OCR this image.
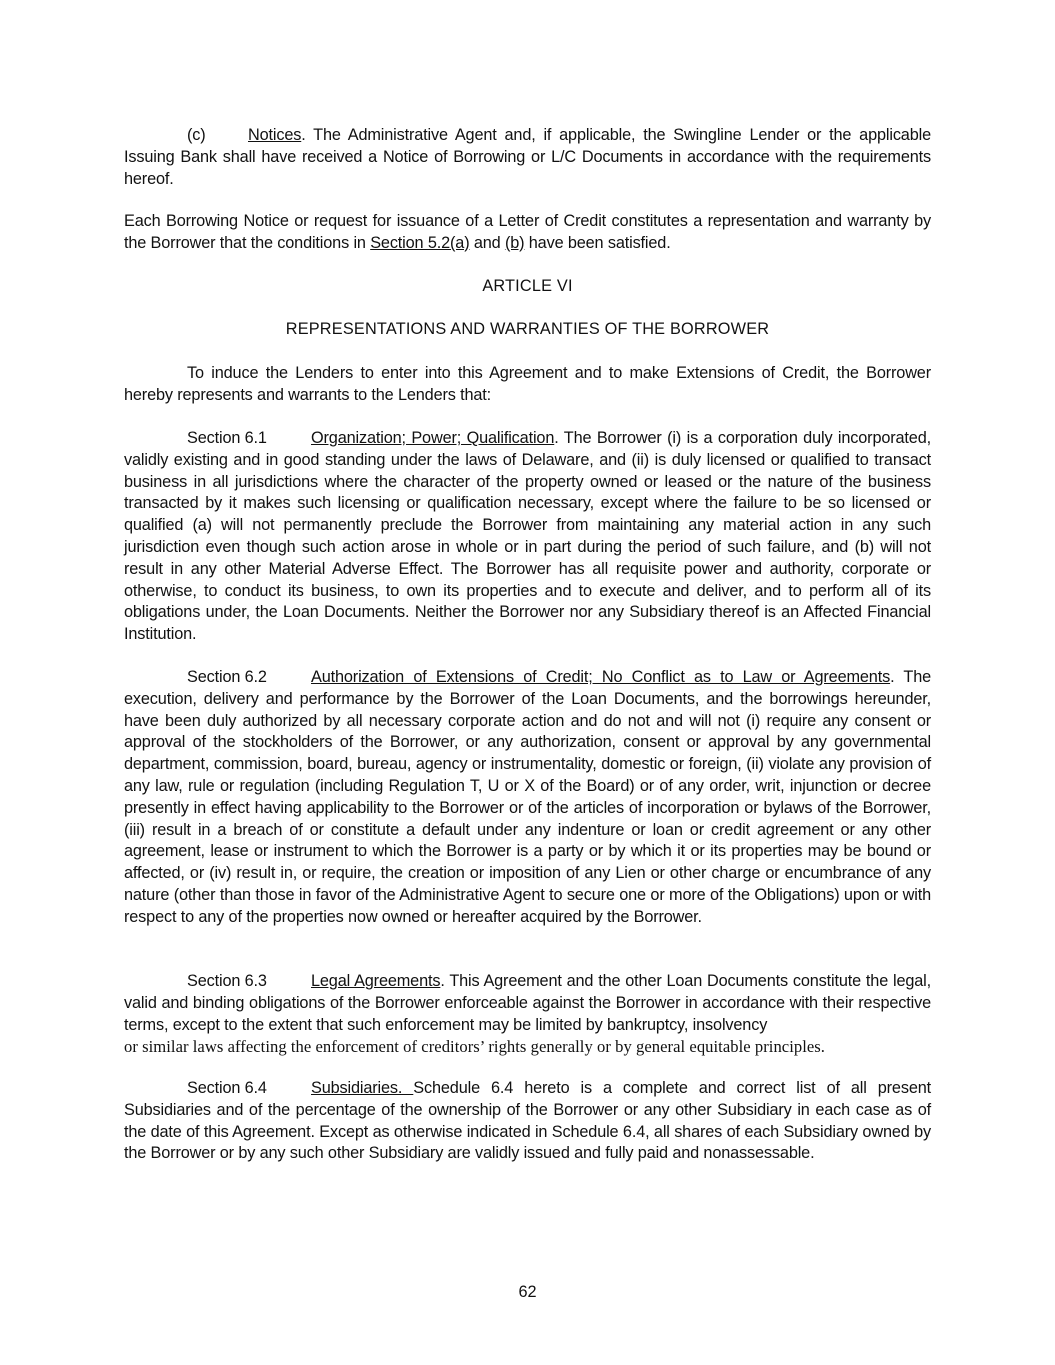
(c)	Notices. The Administrative Agent and, if applicable, the Swingline Lender or the applicable Issuing Bank shall have received a Notice of Borrowing or L/C Documents in accordance with the requirements hereof.

Each Borrowing Notice or request for issuance of a Letter of Credit constitutes a representation and warranty by the Borrower that the conditions in Section 5.2(a) and (b) have been satisfied.

ARTICLE VI

REPRESENTATIONS AND WARRANTIES OF THE BORROWER

To induce the Lenders to enter into this Agreement and to make Extensions of Credit, the Borrower hereby represents and warrants to the Lenders that:

Section 6.1	Organization; Power; Qualification. The Borrower (i) is a corporation duly incorporated, validly existing and in good standing under the laws of Delaware, and (ii) is duly licensed or qualified to transact business in all jurisdictions where the character of the property owned or leased or the nature of the business transacted by it makes such licensing or qualification necessary, except where the failure to be so licensed or qualified (a) will not permanently preclude the Borrower from maintaining any material action in any such jurisdiction even though such action arose in whole or in part during the period of such failure, and (b) will not result in any other Material Adverse Effect. The Borrower has all requisite power and authority, corporate or otherwise, to conduct its business, to own its properties and to execute and deliver, and to perform all of its obligations under, the Loan Documents. Neither the Borrower nor any Subsidiary thereof is an Affected Financial Institution.

Section 6.2	Authorization of Extensions of Credit; No Conflict as to Law or Agreements. The execution, delivery and performance by the Borrower of the Loan Documents, and the borrowings hereunder, have been duly authorized by all necessary corporate action and do not and will not (i) require any consent or approval of the stockholders of the Borrower, or any authorization, consent or approval by any governmental department, commission, board, bureau, agency or instrumentality, domestic or foreign, (ii) violate any provision of any law, rule or regulation (including Regulation T, U or X of the Board) or of any order, writ, injunction or decree presently in effect having applicability to the Borrower or of the articles of incorporation or bylaws of the Borrower, (iii) result in a breach of or constitute a default under any indenture or loan or credit agreement or any other agreement, lease or instrument to which the Borrower is a party or by which it or its properties may be bound or affected, or (iv) result in, or require, the creation or imposition of any Lien or other charge or encumbrance of any nature (other than those in favor of the Administrative Agent to secure one or more of the Obligations) upon or with respect to any of the properties now owned or hereafter acquired by the Borrower.

Section 6.3	Legal Agreements. This Agreement and the other Loan Documents constitute the legal, valid and binding obligations of the Borrower enforceable against the Borrower in accordance with their respective terms, except to the extent that such enforcement may be limited by bankruptcy, insolvency

or similar laws affecting the enforcement of creditors’ rights generally or by general equitable principles.

Section 6.4	Subsidiaries. Schedule 6.4 hereto is a complete and correct list of all present Subsidiaries and of the percentage of the ownership of the Borrower or any other Subsidiary in each case as of the date of this Agreement. Except as otherwise indicated in Schedule 6.4, all shares of each Subsidiary owned by the Borrower or by any such other Subsidiary are validly issued and fully paid and nonassessable.

62
